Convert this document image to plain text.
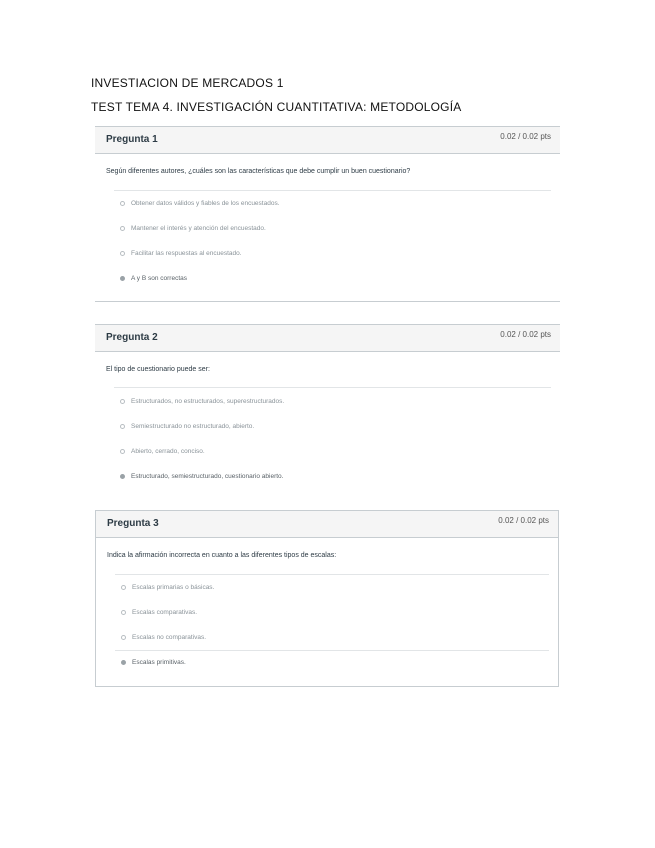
INVESTIACION DE MERCADOS 1
TEST TEMA 4. INVESTIGACIÓN CUANTITATIVA: METODOLOGÍA
Pregunta 1	0.02 / 0.02 pts
Según diferentes autores, ¿cuáles son las características que debe cumplir un buen cuestionario?
Obtener datos válidos y fiables de los encuestados.
Mantener el interés y atención del encuestado.
Facilitar las respuestas al encuestado.
A y B son correctas
Pregunta 2	0.02 / 0.02 pts
El tipo de cuestionario puede ser:
Estructurados, no estructurados, superestructurados.
Semiestructurado no estructurado, abierto.
Abierto, cerrado, conciso.
Estructurado, semiestructurado, cuestionario abierto.
Pregunta 3	0.02 / 0.02 pts
Indica la afirmación incorrecta en cuanto a las diferentes tipos de escalas:
Escalas primarias o básicas.
Escalas comparativas.
Escalas no comparativas.
Escalas primitivas.
